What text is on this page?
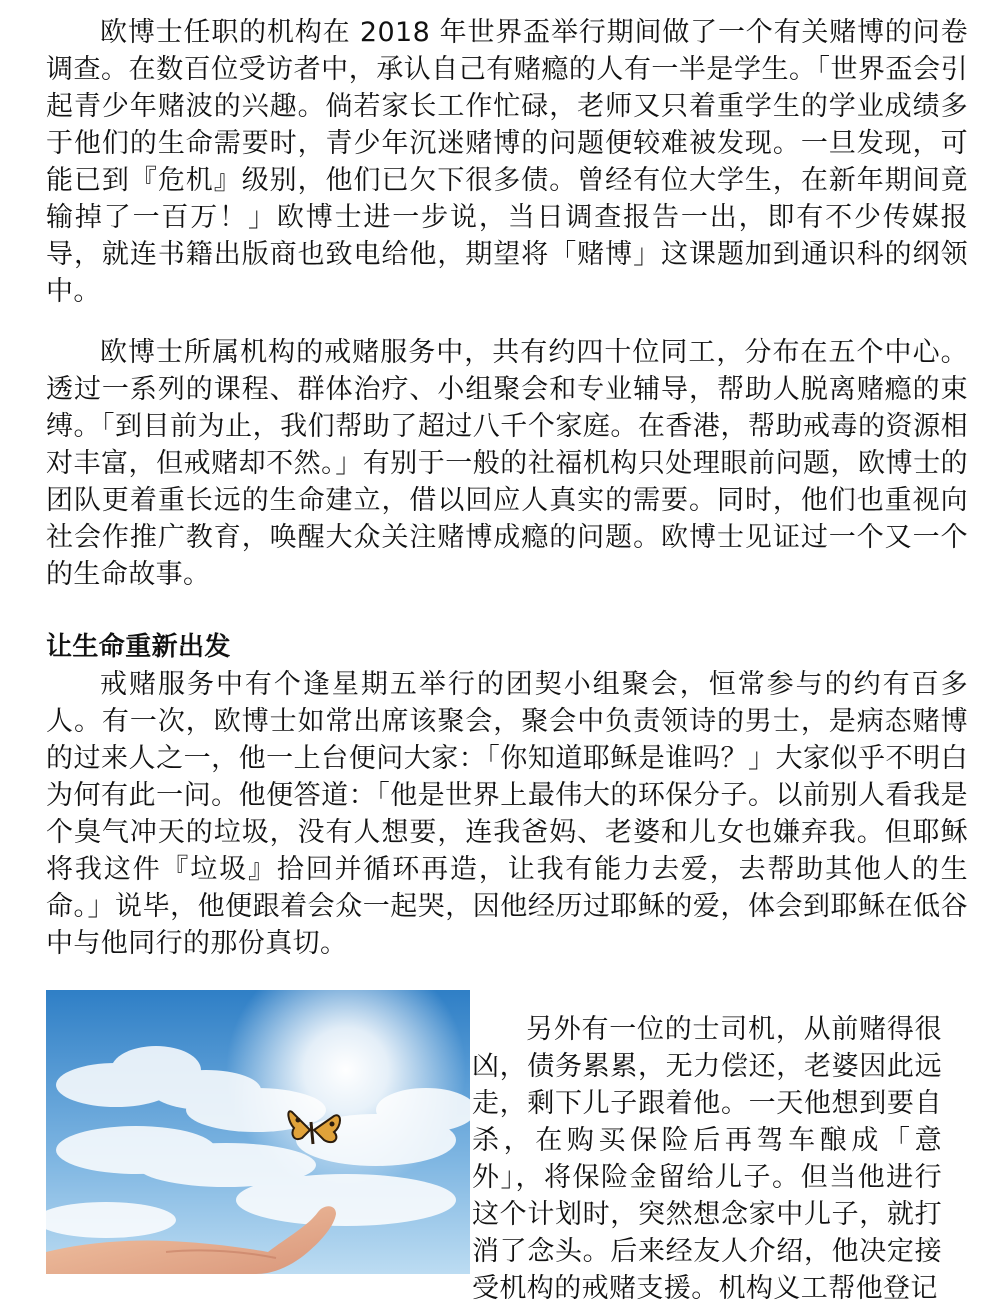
欧博士任职的机构在 2018 年世界盃举行期间做了一个有关赌博的问卷调查。在数百位受访者中，承认自己有赌瘾的人有一半是学生。「世界盃会引起青少年赌波的兴趣。倘若家长工作忙碌，老师又只着重学生的学业成绩多于他们的生命需要时，青少年沉迷赌博的问题便较难被发现。一旦发现，可能已到『危机』级别，他们已欠下很多债。曾经有位大学生，在新年期间竟输掉了一百万！」欧博士进一步说，当日调查报告一出，即有不少传媒报导，就连书籍出版商也致电给他，期望将「赌博」这课题加到通识科的纲领中。

欧博士所属机构的戒赌服务中，共有约四十位同工，分布在五个中心。透过一系列的课程、群体治疗、小组聚会和专业辅导，帮助人脱离赌瘾的束缚。「到目前为止，我们帮助了超过八千个家庭。在香港，帮助戒毒的资源相对丰富，但戒赌却不然。」有别于一般的社福机构只处理眼前问题，欧博士的团队更着重长远的生命建立，借以回应人真实的需要。同时，他们也重视向社会作推广教育，唤醒大众关注赌博成瘾的问题。欧博士见证过一个又一个的生命故事。

让生命重新出发

戒赌服务中有个逢星期五举行的团契小组聚会，恒常参与的约有百多人。有一次，欧博士如常出席该聚会，聚会中负责领诗的男士，是病态赌博的过来人之一，他一上台便问大家：「你知道耶稣是谁吗？」大家似乎不明白为何有此一问。他便答道：「他是世界上最伟大的环保分子。以前别人看我是个臭气冲天的垃圾，没有人想要，连我爸妈、老婆和儿女也嫌弃我。但耶稣将我这件『垃圾』拾回并循环再造，让我有能力去爱，去帮助其他人的生命。」说毕，他便跟着会众一起哭，因他经历过耶稣的爱，体会到耶稣在低谷中与他同行的那份真切。

另外有一位的士司机，从前赌得很凶，债务累累，无力偿还，老婆因此远走，剩下儿子跟着他。一天他想到要自杀，在购买保险后再驾车酿成「意外」，将保险金留给儿子。但当他进行这个计划时，突然想念家中儿子，就打消了念头。后来经友人介绍，他决定接受机构的戒赌支援。机构义工帮他登记
